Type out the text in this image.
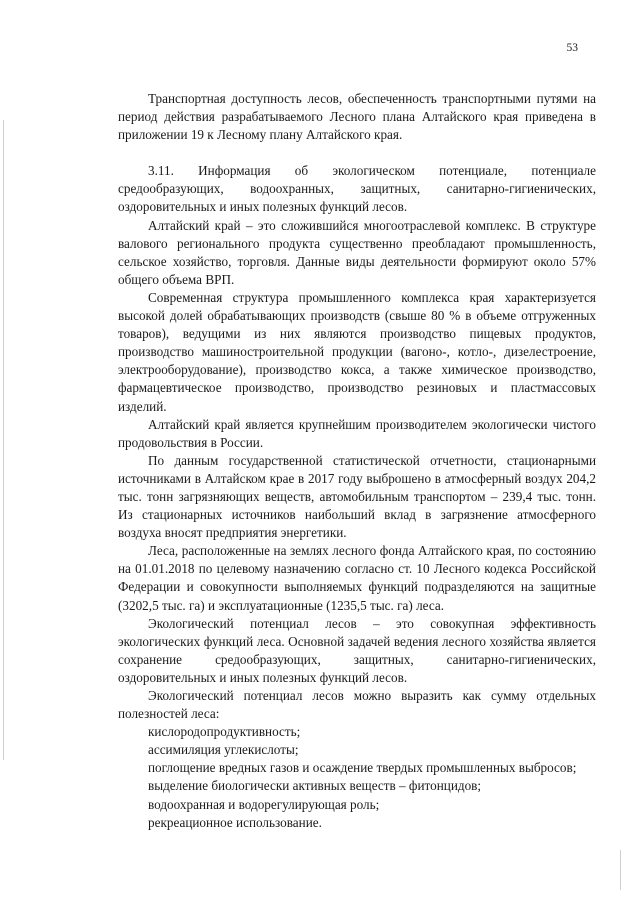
53

Транспортная доступность лесов, обеспеченность транспортными путями на период действия разрабатываемого Лесного плана Алтайского края приведена в приложении 19 к Лесному плану Алтайского края.

3.11. Информация об экологическом потенциале, потенциале средообразующих, водоохранных, защитных, санитарно-гигиенических, оздоровительных и иных полезных функций лесов.

Алтайский край – это сложившийся многоотраслевой комплекс. В структуре валового регионального продукта существенно преобладают промышленность, сельское хозяйство, торговля. Данные виды деятельности формируют около 57% общего объема ВРП.

Современная структура промышленного комплекса края характеризуется высокой долей обрабатывающих производств (свыше 80 % в объеме отгруженных товаров), ведущими из них являются производство пищевых продуктов, производство машиностроительной продукции (вагоно-, котло-, дизелестроение, электрооборудование), производство кокса, а также химическое производство, фармацевтическое производство, производство резиновых и пластмассовых изделий.

Алтайский край является крупнейшим производителем экологически чистого продовольствия в России.

По данным государственной статистической отчетности, стационарными источниками в Алтайском крае в 2017 году выброшено в атмосферный воздух 204,2 тыс. тонн загрязняющих веществ, автомобильным транспортом – 239,4 тыс. тонн. Из стационарных источников наибольший вклад в загрязнение атмосферного воздуха вносят предприятия энергетики.

Леса, расположенные на землях лесного фонда Алтайского края, по состоянию на 01.01.2018 по целевому назначению согласно ст. 10 Лесного кодекса Российской Федерации и совокупности выполняемых функций подразделяются на защитные (3202,5 тыс. га) и эксплуатационные (1235,5 тыс. га) леса.

Экологический потенциал лесов – это совокупная эффективность экологических функций леса. Основной задачей ведения лесного хозяйства является сохранение средообразующих, защитных, санитарно-гигиенических, оздоровительных и иных полезных функций лесов.

Экологический потенциал лесов можно выразить как сумму отдельных полезностей леса:

кислородопродуктивность;

ассимиляция углекислоты;

поглощение вредных газов и осаждение твердых промышленных выбросов;

выделение биологически активных веществ – фитонцидов;

водоохранная и водорегулирующая роль;

рекреационное использование.
